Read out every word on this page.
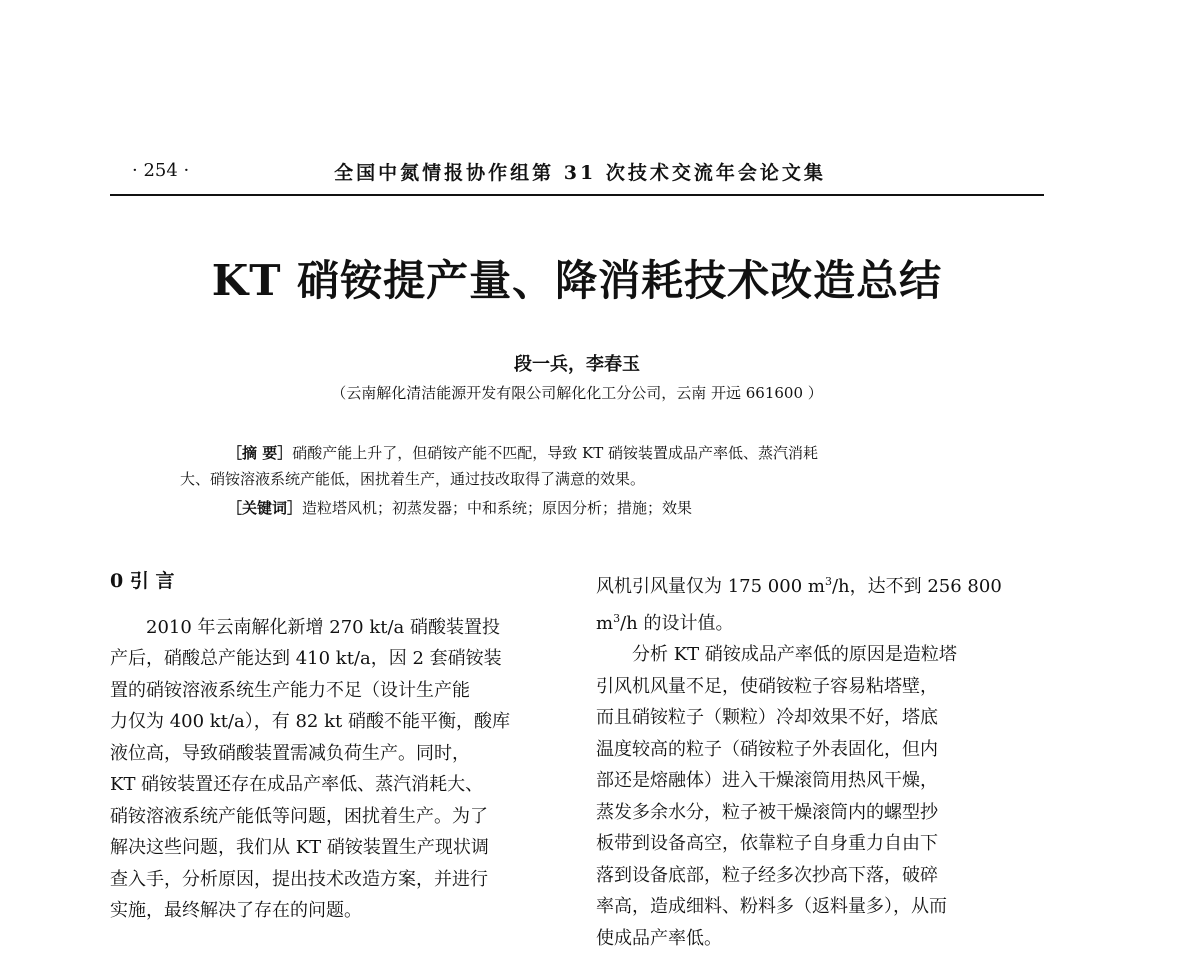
· 254 ·	全国中氮情报协作组第 31 次技术交流年会论文集
KT 硝铵提产量、降消耗技术改造总结
段一兵，李春玉
（云南解化清洁能源开发有限公司解化化工分公司，云南 开远 661600 ）
［摘 要］硝酸产能上升了，但硝铵产能不匹配，导致 KT 硝铵装置成品产率低、蒸汽消耗
大、硝铵溶液系统产能低，困扰着生产，通过技改取得了满意的效果。
［关键词］造粒塔风机；初蒸发器；中和系统；原因分析；措施；效果
0 引 言
2010 年云南解化新增 270 kt/a 硝酸装置投
产后，硝酸总产能达到 410 kt/a，因 2 套硝铵装
置的硝铵溶液系统生产能力不足（设计生产能
力仅为 400 kt/a），有 82 kt 硝酸不能平衡，酸库
液位高，导致硝酸装置需减负荷生产。同时，
KT 硝铵装置还存在成品产率低、蒸汽消耗大、
硝铵溶液系统产能低等问题，困扰着生产。为了
解决这些问题，我们从 KT 硝铵装置生产现状调
查入手，分析原因，提出技术改造方案，并进行
实施，最终解决了存在的问题。
风机引风量仅为 175 000 $m^3/h$，达不到 256 800
$m^3/h$ 的设计值。
分析 KT 硝铵成品产率低的原因是造粒塔
引风机风量不足，使硝铵粒子容易粘塔壁，
而且硝铵粒子（颗粒）冷却效果不好，塔底
温度较高的粒子（硝铵粒子外表固化，但内
部还是熔融体）进入干燥滚筒用热风干燥，
蒸发多余水分，粒子被干燥滚筒内的螺型抄
板带到设备高空，依靠粒子自身重力自由下
落到设备底部，粒子经多次抄高下落，破碎
率高，造成细料、粉料多（返料量多），从而
使成品产率低。
